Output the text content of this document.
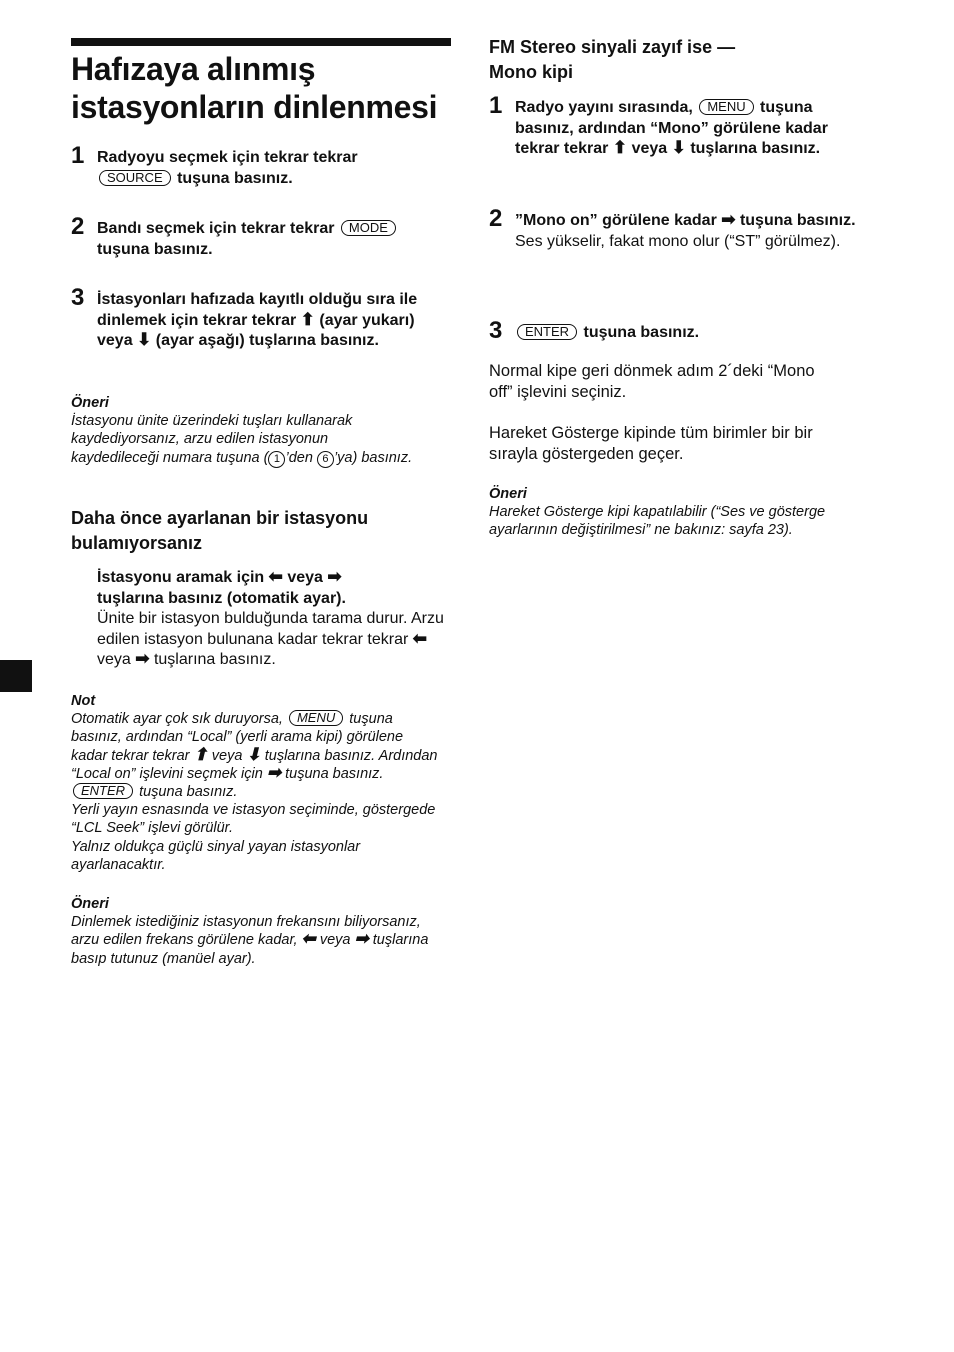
Hafızaya alınmış istasyonların dinlenmesi
1 Radyoyu seçmek için tekrar tekrar
SOURCE tuşuna basınız.
2 Bandı seçmek için tekrar tekrar MODE
tuşuna basınız.
3 İstasyonları hafızada kayıtlı olduğu sıra ile dinlemek için tekrar tekrar ⬆ (ayar yukarı) veya ⬇ (ayar aşağı) tuşlarına basınız.
Öneri
İstasyonu ünite üzerindeki tuşları kullanarak kaydediyorsanız, arzu edilen istasyonun kaydedileceği numara tuşuna ( 1 ’den 6 ’ya) basınız.
Daha önce ayarlanan bir istasyonu bulamıyorsanız
İstasyonu aramak için ⬅ veya ➡
tuşlarına basınız (otomatik ayar).
Ünite bir istasyon bulduğunda tarama durur. Arzu edilen istasyon bulunana kadar tekrar tekrar ⬅ veya ➡ tuşlarına basınız.
Not
Otomatik ayar çok sık duruyorsa, MENU tuşuna basınız, ardından “Local” (yerli arama kipi) görülene kadar tekrar tekrar ⬆ veya ⬇ tuşlarına basınız. Ardından “Local on” işlevini seçmek için ➡ tuşuna basınız. ENTER tuşuna basınız.
Yerli yayın esnasında ve istasyon seçiminde, göstergede “LCL Seek” işlevi görülür.
Yalnız oldukça güçlü sinyal yayan istasyonlar ayarlanacaktır.
Öneri
Dinlemek istediğiniz istasyonun frekansını biliyorsanız, arzu edilen frekans görülene kadar, ⬅ veya ➡ tuşlarına basıp tutunuz (manüel ayar).
FM Stereo sinyali zayıf ise — Mono kipi
1 Radyo yayını sırasında, MENU tuşuna basınız, ardından “Mono” görülene kadar tekrar tekrar ⬆ veya ⬇ tuşlarına basınız.
2 ”Mono on” görülene kadar ➡ tuşuna basınız.
Ses yükselir, fakat mono olur (“ST” görülmez).
3	ENTER tuşuna basınız.
Normal kipe geri dönmek adım 2´deki “Mono off” işlevini seçiniz.
Hareket Gösterge kipinde tüm birimler bir bir sırayla göstergeden geçer.
Öneri
Hareket Gösterge kipi kapatılabilir (“Ses ve gösterge ayarlarının değiştirilmesi” ne bakınız: sayfa 23).
